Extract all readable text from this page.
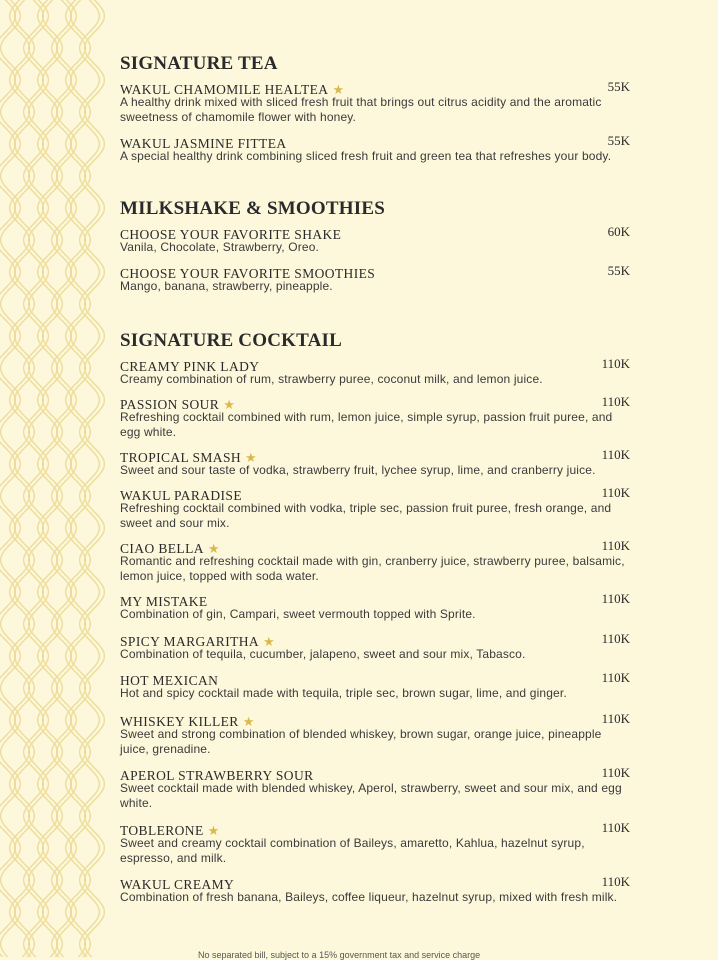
SIGNATURE TEA
WAKUL CHAMOMILE HEALTEA ★	55K
A healthy drink mixed with sliced fresh fruit that brings out citrus acidity and the aromatic sweetness of chamomile flower with honey.
WAKUL JASMINE FITTEA	55K
A special healthy drink combining sliced fresh fruit and green tea that refreshes your body.
MILKSHAKE & SMOOTHIES
CHOOSE YOUR FAVORITE SHAKE	60K
Vanila, Chocolate, Strawberry, Oreo.
CHOOSE YOUR FAVORITE SMOOTHIES	55K
Mango, banana, strawberry, pineapple.
SIGNATURE COCKTAIL
CREAMY PINK LADY	110K
Creamy combination of rum, strawberry puree, coconut milk, and lemon juice.
PASSION SOUR ★	110K
Refreshing cocktail combined with rum, lemon juice, simple syrup, passion fruit puree, and egg white.
TROPICAL SMASH ★	110K
Sweet and sour taste of vodka, strawberry fruit, lychee syrup, lime, and cranberry juice.
WAKUL PARADISE	110K
Refreshing cocktail combined with vodka, triple sec, passion fruit puree, fresh orange, and sweet and sour mix.
CIAO BELLA ★	110K
Romantic and refreshing cocktail made with gin, cranberry juice, strawberry puree, balsamic, lemon juice, topped with soda water.
MY MISTAKE	110K
Combination of gin, Campari, sweet vermouth topped with Sprite.
SPICY MARGARITHA ★	110K
Combination of tequila, cucumber, jalapeno, sweet and sour mix, Tabasco.
HOT MEXICAN	110K
Hot and spicy cocktail made with tequila, triple sec, brown sugar, lime, and ginger.
WHISKEY KILLER ★	110K
Sweet and strong combination of blended whiskey, brown sugar, orange juice, pineapple juice, grenadine.
APEROL STRAWBERRY SOUR	110K
Sweet cocktail made with blended whiskey, Aperol, strawberry, sweet and sour mix, and egg white.
TOBLERONE ★	110K
Sweet and creamy cocktail combination of Baileys, amaretto, Kahlua, hazelnut syrup, espresso, and milk.
WAKUL CREAMY	110K
Combination of fresh banana, Baileys, coffee liqueur, hazelnut syrup, mixed with fresh milk.
No separated bill, subject to a 15% government tax and service charge
